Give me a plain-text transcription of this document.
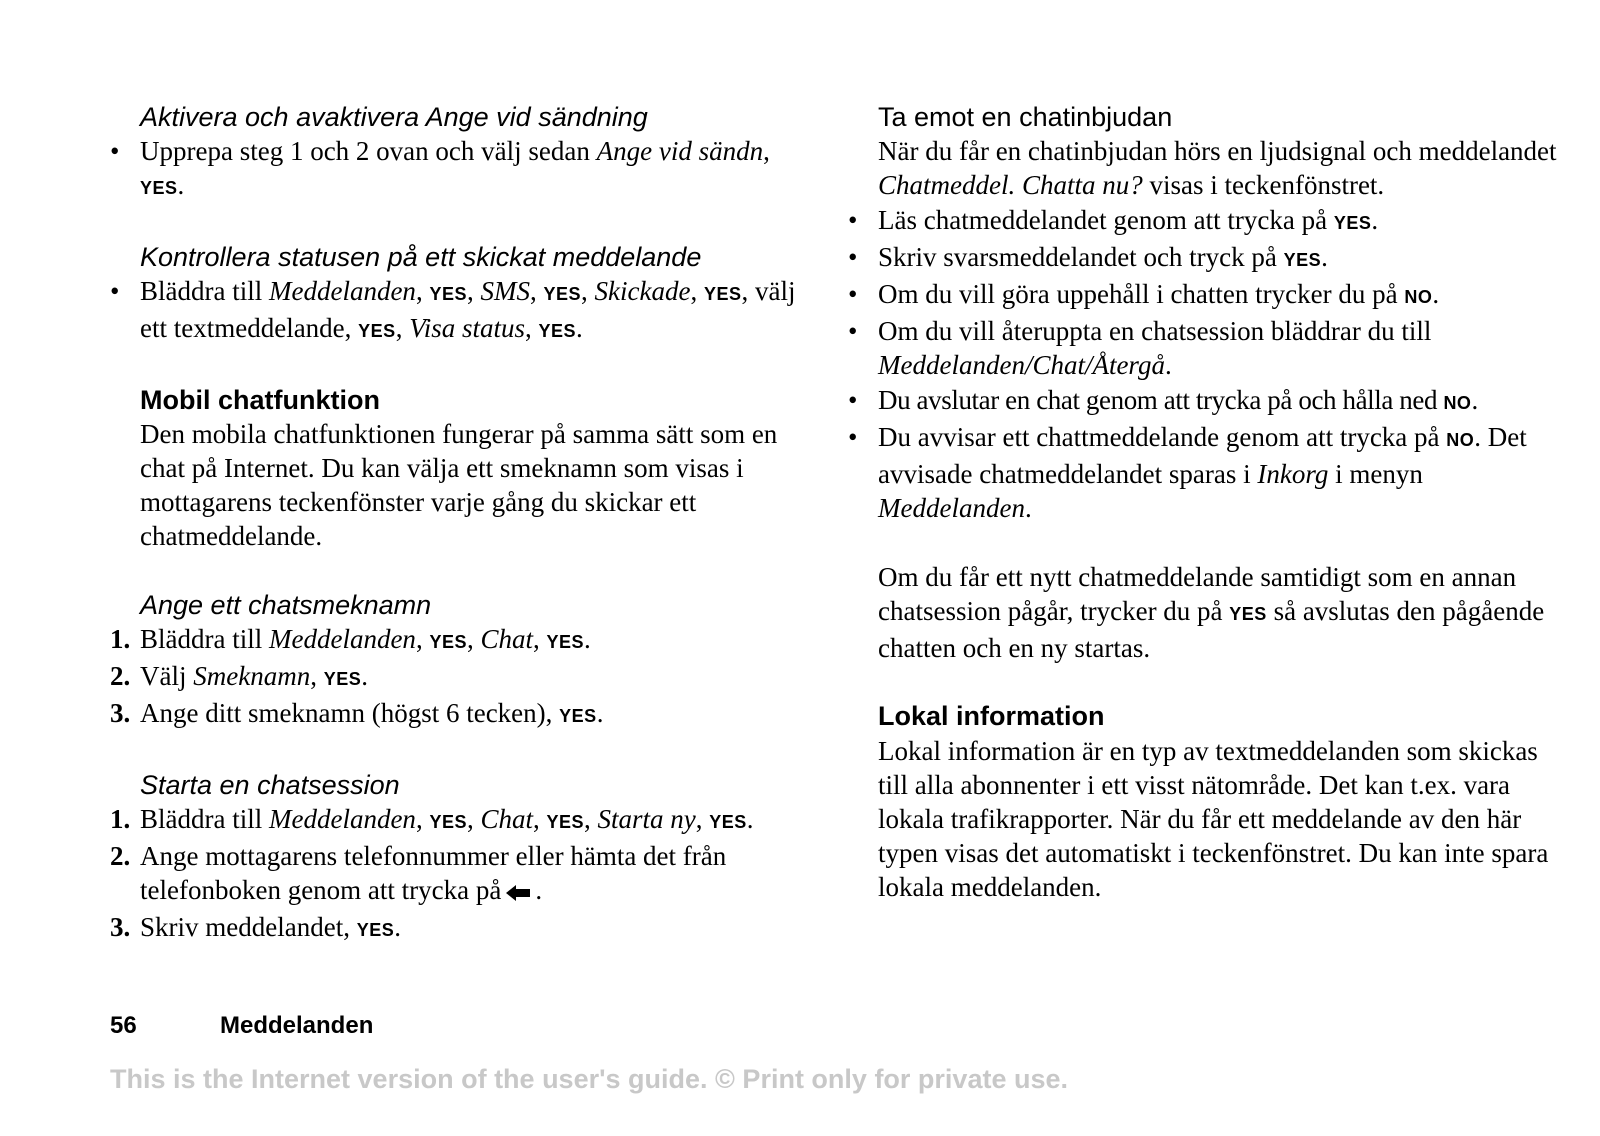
Aktivera och avaktivera Ange vid sändning
• Upprepa steg 1 och 2 ovan och välj sedan Ange vid sändn, YES.
Kontrollera statusen på ett skickat meddelande
• Bläddra till Meddelanden, YES, SMS, YES, Skickade, YES, välj ett textmeddelande, YES, Visa status, YES.
Mobil chatfunktion
Den mobila chatfunktionen fungerar på samma sätt som en chat på Internet. Du kan välja ett smeknamn som visas i mottagarens teckenfönster varje gång du skickar ett chatmeddelande.
Ange ett chatsmeknamn
1. Bläddra till Meddelanden, YES, Chat, YES.
2. Välj Smeknamn, YES.
3. Ange ditt smeknamn (högst 6 tecken), YES.
Starta en chatsession
1. Bläddra till Meddelanden, YES, Chat, YES, Starta ny, YES.
2. Ange mottagarens telefonnummer eller hämta det från telefonboken genom att trycka på .
3. Skriv meddelandet, YES.
Ta emot en chatinbjudan
När du får en chatinbjudan hörs en ljudsignal och meddelandet Chatmeddel. Chatta nu? visas i teckenfönstret.
• Läs chatmeddelandet genom att trycka på YES.
• Skriv svarsmeddelandet och tryck på YES.
• Om du vill göra uppehåll i chatten trycker du på NO.
• Om du vill återuppta en chatsession bläddrar du till Meddelanden/Chat/Återgå.
• Du avslutar en chat genom att trycka på och hålla ned NO.
• Du avvisar ett chattmeddelande genom att trycka på NO. Det avvisade chatmeddelandet sparas i Inkorg i menyn Meddelanden.
Om du får ett nytt chatmeddelande samtidigt som en annan chatsession pågår, trycker du på YES så avslutas den pågående chatten och en ny startas.
Lokal information
Lokal information är en typ av textmeddelanden som skickas till alla abonnenter i ett visst nätområde. Det kan t.ex. vara lokala trafikrapporter. När du får ett meddelande av den här typen visas det automatiskt i teckenfönstret. Du kan inte spara lokala meddelanden.
56	Meddelanden
This is the Internet version of the user's guide. © Print only for private use.
